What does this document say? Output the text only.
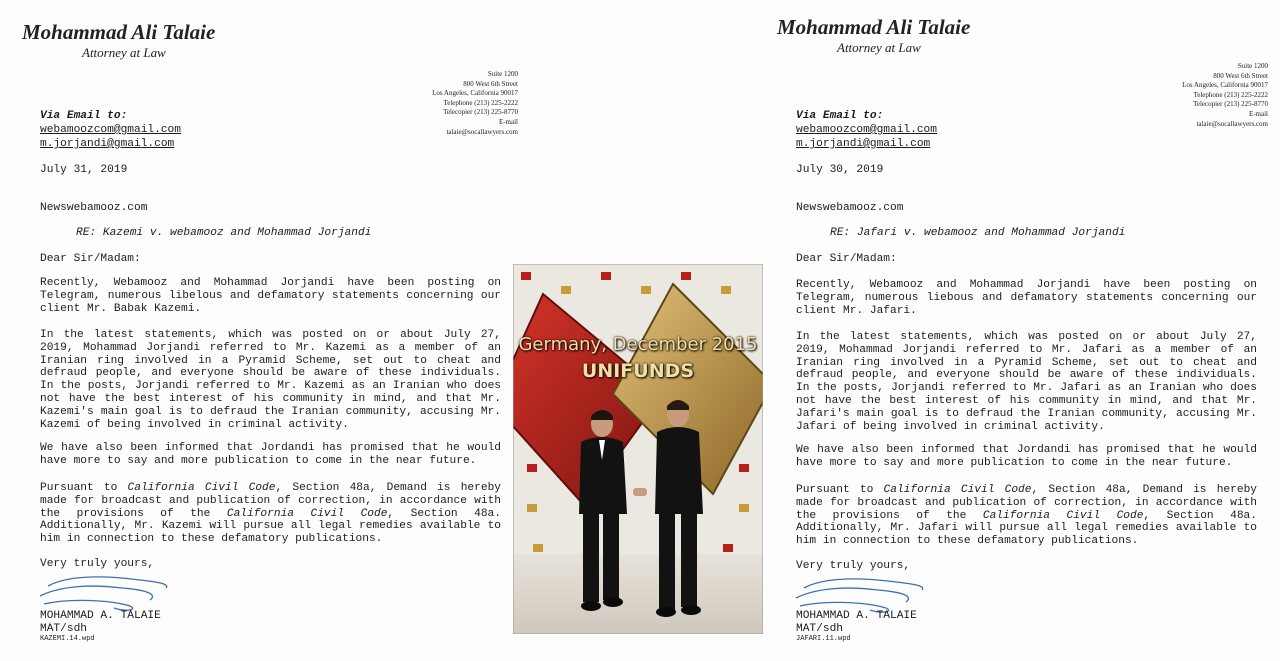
Mohammad Ali Talaie
Attorney at Law
Suite 1200
800 West 6th Street
Los Angeles, California 90017
Telephone (213) 225-2222
Telecopier (213) 225-8770
E-mail
talaie@socallawyers.com
Via Email to:
webamoozcom@gmail.com
m.jorjandi@gmail.com
July 31, 2019
Newswebamooz.com
RE: Kazemi v. webamooz and Mohammad Jorjandi
Dear Sir/Madam:

Recently, Webamooz and Mohammad Jorjandi have been posting on Telegram, numerous libelous and defamatory statements concerning our client Mr. Babak Kazemi.

In the latest statements, which was posted on or about July 27, 2019, Mohammad Jorjandi referred to Mr. Kazemi as a member of an Iranian ring involved in a Pyramid Scheme, set out to cheat and defraud people, and everyone should be aware of these individuals. In the posts, Jorjandi referred to Mr. Kazemi as an Iranian who does not have the best interest of his community in mind, and that Mr. Kazemi's main goal is to defraud the Iranian community, accusing Mr. Kazemi of being involved in criminal activity.

We have also been informed that Jordandi has promised that he would have more to say and more publication to come in the near future.

Pursuant to California Civil Code, Section 48a, Demand is hereby made for broadcast and publication of correction, in accordance with the provisions of the California Civil Code, Section 48a. Additionally, Mr. Kazemi will pursue all legal remedies available to him in connection to these defamatory publications.

Very truly yours,
MOHAMMAD A. TALAIE
MAT/sdh
KAZEMI.14.wpd
Mohammad Ali Talaie
Attorney at Law
Suite 1200
800 West 6th Street
Los Angeles, California 90017
Telephone (213) 225-2222
Telecopier (213) 225-8770
E-mail
talaie@socallawyers.com
Via Email to:
webamoozcom@gmail.com
m.jorjandi@gmail.com
July 30, 2019
Newswebamooz.com
RE: Jafari v. webamooz and Mohammad Jorjandi
Dear Sir/Madam:

Recently, Webamooz and Mohammad Jorjandi have been posting on Telegram, numerous liebous and defamatory statements concerning our client Mr. Jafari.

In the latest statements, which was posted on or about July 27, 2019, Mohammad Jorjandi referred to Mr. Jafari as a member of an Iranian ring involved in a Pyramid Scheme, set out to cheat and defraud people, and everyone should be aware of these individuals. In the posts, Jorjandi referred to Mr. Jafari as an Iranian who does not have the best interest of his community in mind, and that Mr. Jafari's main goal is to defraud the Iranian community, accusing Mr. Jafari of being involved in criminal activity.

We have also been informed that Jordandi has promised that he would have more to say and more publication to come in the near future.

Pursuant to California Civil Code, Section 48a, Demand is hereby made for broadcast and publication of correction, in accordance with the provisions of the California Civil Code, Section 48a. Additionally, Mr. Jafari will pursue all legal remedies available to him in connection to these defamatory publications.

Very truly yours,
MOHAMMAD A. TALAIE
MAT/sdh
JAFARI.11.wpd
Germany, December 2015
UNIFUNDS
